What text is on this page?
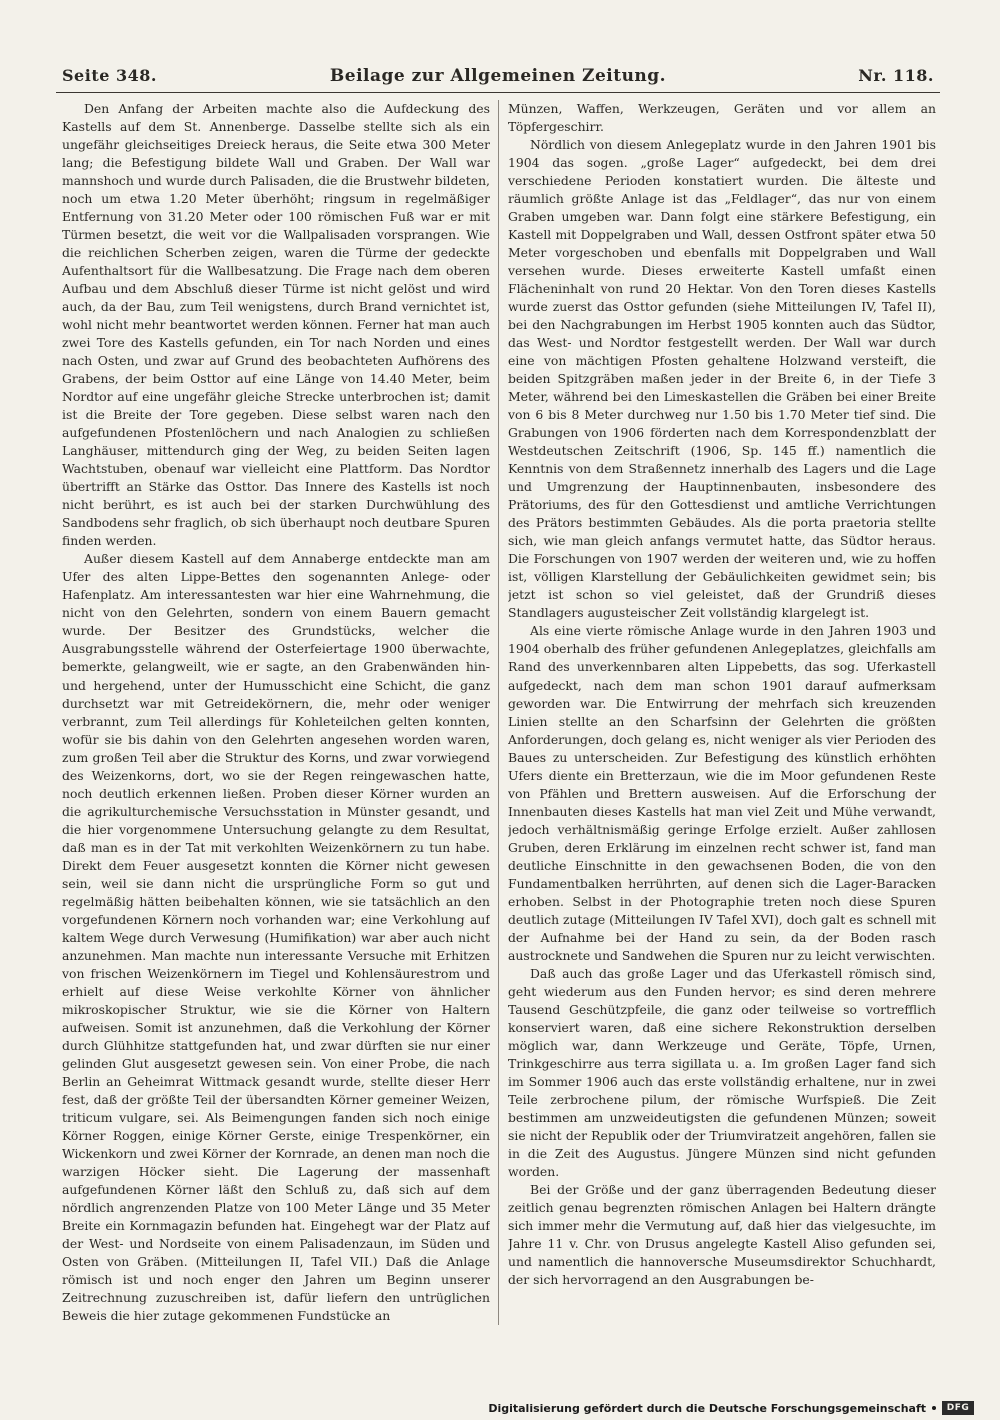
Seite 348.	Beilage zur Allgemeinen Zeitung.	Nr. 118.

Den Anfang der Arbeiten machte also die Aufdeckung des Kastells auf dem St. Annenberge. Dasselbe stellte sich als ein ungefähr gleichseitiges Dreieck heraus, die Seite etwa 300 Meter lang; die Befestigung bildete Wall und Graben. Der Wall war mannshoch und wurde durch Palisaden, die die Brustwehr bildeten, noch um etwa 1.20 Meter überhöht; ringsum in regelmäßiger Entfernung von 31.20 Meter oder 100 römischen Fuß war er mit Türmen besetzt, die weit vor die Wallpalisaden vorsprangen. Wie die reichlichen Scherben zeigen, waren die Türme der gedeckte Aufenthaltsort für die Wallbesatzung. Die Frage nach dem oberen Aufbau und dem Abschluß dieser Türme ist nicht gelöst und wird auch, da der Bau, zum Teil wenigstens, durch Brand vernichtet ist, wohl nicht mehr beantwortet werden können. Ferner hat man auch zwei Tore des Kastells gefunden, ein Tor nach Norden und eines nach Osten, und zwar auf Grund des beobachteten Aufhörens des Grabens, der beim Osttor auf eine Länge von 14.40 Meter, beim Nordtor auf eine ungefähr gleiche Strecke unterbrochen ist; damit ist die Breite der Tore gegeben. Diese selbst waren nach den aufgefundenen Pfostenlöchern und nach Analogien zu schließen Langhäuser, mittendurch ging der Weg, zu beiden Seiten lagen Wachtstuben, obenauf war vielleicht eine Plattform. Das Nordtor übertrifft an Stärke das Osttor. Das Innere des Kastells ist noch nicht berührt, es ist auch bei der starken Durchwühlung des Sandbodens sehr fraglich, ob sich überhaupt noch deutbare Spuren finden werden.

Außer diesem Kastell auf dem Annaberge entdeckte man am Ufer des alten Lippe-Bettes den sogenannten Anlege- oder Hafenplatz. Am interessantesten war hier eine Wahrnehmung, die nicht von den Gelehrten, sondern von einem Bauern gemacht wurde. Der Besitzer des Grundstücks, welcher die Ausgrabungsstelle während der Osterfeiertage 1900 überwachte, bemerkte, gelangweilt, wie er sagte, an den Grabenwänden hin- und hergehend, unter der Humusschicht eine Schicht, die ganz durchsetzt war mit Getreidekörnern, die, mehr oder weniger verbrannt, zum Teil allerdings für Kohleteilchen gelten konnten, wofür sie bis dahin von den Gelehrten angesehen worden waren, zum großen Teil aber die Struktur des Korns, und zwar vorwiegend des Weizenkorns, dort, wo sie der Regen reingewaschen hatte, noch deutlich erkennen ließen. Proben dieser Körner wurden an die agrikulturchemische Versuchsstation in Münster gesandt, und die hier vorgenommene Untersuchung gelangte zu dem Resultat, daß man es in der Tat mit verkohlten Weizenkörnern zu tun habe. Direkt dem Feuer ausgesetzt konnten die Körner nicht gewesen sein, weil sie dann nicht die ursprüngliche Form so gut und regelmäßig hätten beibehalten können, wie sie tatsächlich an den vorgefundenen Körnern noch vorhanden war; eine Verkohlung auf kaltem Wege durch Verwesung (Humifikation) war aber auch nicht anzunehmen. Man machte nun interessante Versuche mit Erhitzen von frischen Weizenkörnern im Tiegel und Kohlensäurestrom und erhielt auf diese Weise verkohlte Körner von ähnlicher mikroskopischer Struktur, wie sie die Körner von Haltern aufweisen. Somit ist anzunehmen, daß die Verkohlung der Körner durch Glühhitze stattgefunden hat, und zwar dürften sie nur einer gelinden Glut ausgesetzt gewesen sein. Von einer Probe, die nach Berlin an Geheimrat Wittmack gesandt wurde, stellte dieser Herr fest, daß der größte Teil der übersandten Körner gemeiner Weizen, triticum vulgare, sei. Als Beimengungen fanden sich noch einige Körner Roggen, einige Körner Gerste, einige Trespenkörner, ein Wickenkorn und zwei Körner der Kornrade, an denen man noch die warzigen Höcker sieht. Die Lagerung der massenhaft aufgefundenen Körner läßt den Schluß zu, daß sich auf dem nördlich angrenzenden Platze von 100 Meter Länge und 35 Meter Breite ein Kornmagazin befunden hat. Eingehegt war der Platz auf der West- und Nordseite von einem Palisadenzaun, im Süden und Osten von Gräben. (Mitteilungen II, Tafel VII.) Daß die Anlage römisch ist und noch enger den Jahren um Beginn unserer Zeitrechnung zuzuschreiben ist, dafür liefern den untrüglichen Beweis die hier zutage gekommenen Fundstücke an

Münzen, Waffen, Werkzeugen, Geräten und vor allem an Töpfergeschirr.

Nördlich von diesem Anlegeplatz wurde in den Jahren 1901 bis 1904 das sogen. „große Lager“ aufgedeckt, bei dem drei verschiedene Perioden konstatiert wurden. Die älteste und räumlich größte Anlage ist das „Feldlager“, das nur von einem Graben umgeben war. Dann folgt eine stärkere Befestigung, ein Kastell mit Doppelgraben und Wall, dessen Ostfront später etwa 50 Meter vorgeschoben und ebenfalls mit Doppelgraben und Wall versehen wurde. Dieses erweiterte Kastell umfaßt einen Flächeninhalt von rund 20 Hektar. Von den Toren dieses Kastells wurde zuerst das Osttor gefunden (siehe Mitteilungen IV, Tafel II), bei den Nachgrabungen im Herbst 1905 konnten auch das Südtor, das West- und Nordtor festgestellt werden. Der Wall war durch eine von mächtigen Pfosten gehaltene Holzwand versteift, die beiden Spitzgräben maßen jeder in der Breite 6, in der Tiefe 3 Meter, während bei den Limeskastellen die Gräben bei einer Breite von 6 bis 8 Meter durchweg nur 1.50 bis 1.70 Meter tief sind. Die Grabungen von 1906 förderten nach dem Korrespondenzblatt der Westdeutschen Zeitschrift (1906, Sp. 145 ff.) namentlich die Kenntnis von dem Straßennetz innerhalb des Lagers und die Lage und Umgrenzung der Hauptinnenbauten, insbesondere des Prätoriums, des für den Gottesdienst und amtliche Verrichtungen des Prätors bestimmten Gebäudes. Als die porta praetoria stellte sich, wie man gleich anfangs vermutet hatte, das Südtor heraus. Die Forschungen von 1907 werden der weiteren und, wie zu hoffen ist, völligen Klarstellung der Gebäulichkeiten gewidmet sein; bis jetzt ist schon so viel geleistet, daß der Grundriß dieses Standlagers augusteischer Zeit vollständig klargelegt ist.

Als eine vierte römische Anlage wurde in den Jahren 1903 und 1904 oberhalb des früher gefundenen Anlegeplatzes, gleichfalls am Rand des unverkennbaren alten Lippebetts, das sog. Uferkastell aufgedeckt, nach dem man schon 1901 darauf aufmerksam geworden war. Die Entwirrung der mehrfach sich kreuzenden Linien stellte an den Scharfsinn der Gelehrten die größten Anforderungen, doch gelang es, nicht weniger als vier Perioden des Baues zu unterscheiden. Zur Befestigung des künstlich erhöhten Ufers diente ein Bretterzaun, wie die im Moor gefundenen Reste von Pfählen und Brettern ausweisen. Auf die Erforschung der Innenbauten dieses Kastells hat man viel Zeit und Mühe verwandt, jedoch verhältnismäßig geringe Erfolge erzielt. Außer zahllosen Gruben, deren Erklärung im einzelnen recht schwer ist, fand man deutliche Einschnitte in den gewachsenen Boden, die von den Fundamentbalken herrührten, auf denen sich die Lager-Baracken erhoben. Selbst in der Photographie treten noch diese Spuren deutlich zutage (Mitteilungen IV Tafel XVI), doch galt es schnell mit der Aufnahme bei der Hand zu sein, da der Boden rasch austrocknete und Sandwehen die Spuren nur zu leicht verwischten.

Daß auch das große Lager und das Uferkastell römisch sind, geht wiederum aus den Funden hervor; es sind deren mehrere Tausend Geschützpfeile, die ganz oder teilweise so vortrefflich konserviert waren, daß eine sichere Rekonstruktion derselben möglich war, dann Werkzeuge und Geräte, Töpfe, Urnen, Trinkgeschirre aus terra sigillata u. a. Im großen Lager fand sich im Sommer 1906 auch das erste vollständig erhaltene, nur in zwei Teile zerbrochene pilum, der römische Wurfspieß. Die Zeit bestimmen am unzweideutigsten die gefundenen Münzen; soweit sie nicht der Republik oder der Triumviratzeit angehören, fallen sie in die Zeit des Augustus. Jüngere Münzen sind nicht gefunden worden.

Bei der Größe und der ganz überragenden Bedeutung dieser zeitlich genau begrenzten römischen Anlagen bei Haltern drängte sich immer mehr die Vermutung auf, daß hier das vielgesuchte, im Jahre 11 v. Chr. von Drusus angelegte Kastell Aliso gefunden sei, und namentlich die hannoversche Museumsdirektor Schuchhardt, der sich hervorragend an den Ausgrabungen be-

Digitalisierung gefördert durch die Deutsche Forschungsgemeinschaft	DFG
